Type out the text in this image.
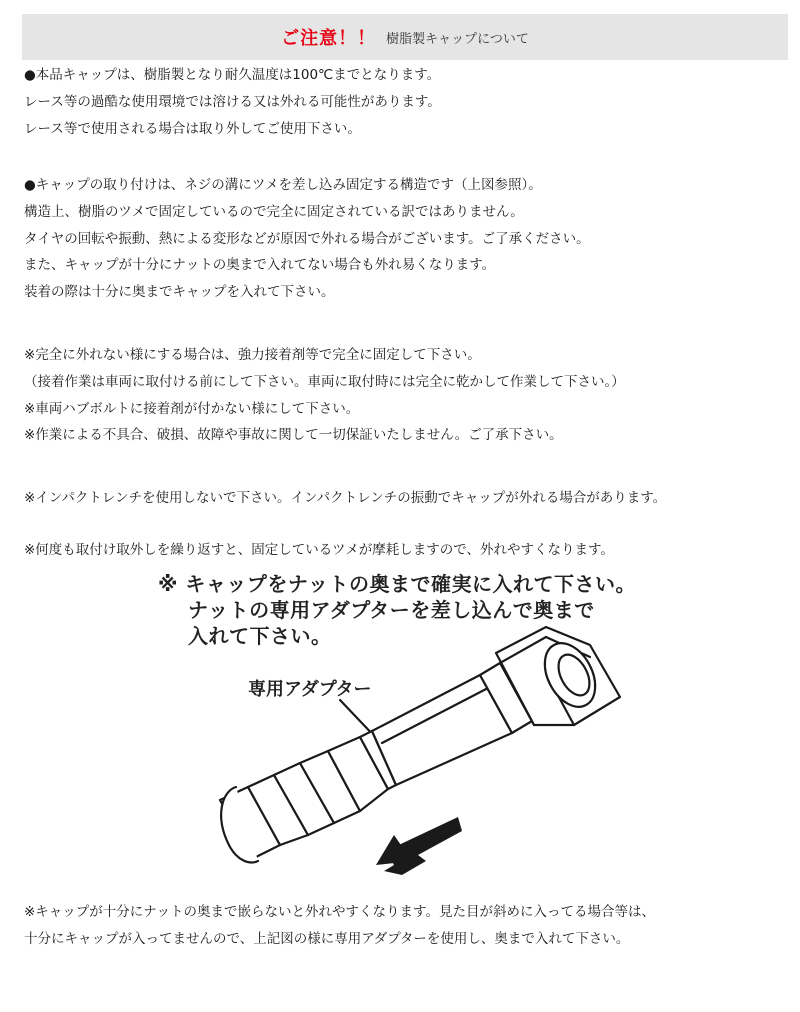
ご注意！！ 樹脂製キャップについて
●本品キャップは、樹脂製となり耐久温度は100℃までとなります。
レース等の過酷な使用環境では溶ける又は外れる可能性があります。
レース等で使用される場合は取り外してご使用下さい。
●キャップの取り付けは、ネジの溝にツメを差し込み固定する構造です（上図参照）。
構造上、樹脂のツメで固定しているので完全に固定されている訳ではありません。
タイヤの回転や振動、熱による変形などが原因で外れる場合がございます。ご了承ください。
また、キャップが十分にナットの奥まで入れてない場合も外れ易くなります。
装着の際は十分に奥までキャップを入れて下さい。
※完全に外れない様にする場合は、強力接着剤等で完全に固定して下さい。
（接着作業は車両に取付ける前にして下さい。車両に取付時には完全に乾かして作業して下さい。）
※車両ハブボルトに接着剤が付かない様にして下さい。
※作業による不具合、破損、故障や事故に関して一切保証いたしません。ご了承下さい。
※インパクトレンチを使用しないで下さい。インパクトレンチの振動でキャップが外れる場合があります。
※何度も取付け取外しを繰り返すと、固定しているツメが摩耗しますので、外れやすくなります。
※ キャップをナットの奥まで確実に入れて下さい。
ナットの専用アダプターを差し込んで奥まで
入れて下さい。
専用アダプター
※キャップが十分にナットの奥まで嵌らないと外れやすくなります。見た目が斜めに入ってる場合等は、
十分にキャップが入ってませんので、上記図の様に専用アダプターを使用し、奥まで入れて下さい。
